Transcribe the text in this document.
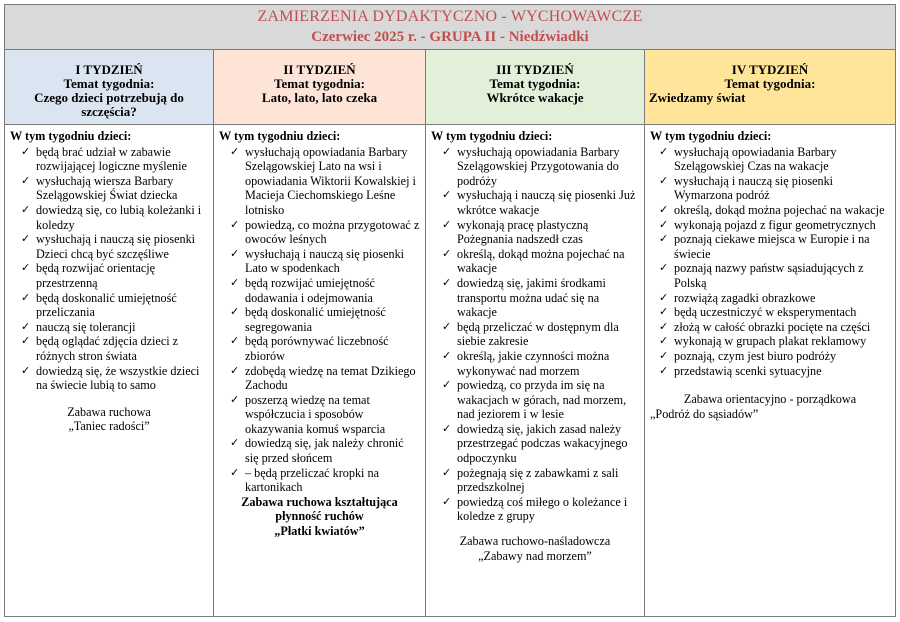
ZAMIERZENIA DYDAKTYCZNO - WYCHOWAWCZE
Czerwiec 2025 r. - GRUPA II - Niedźwiadki
I TYDZIEŃ
Temat tygodnia:
Czego dzieci potrzebują do szczęścia?
W tym tygodniu dzieci:
✓ będą brać udział w zabawie rozwijającej logiczne myślenie
✓ wysłuchają wiersza Barbary Szelągowskiej Świat dziecka
✓ dowiedzą się, co lubią koleżanki i koledzy
✓ wysłuchają i nauczą się piosenki Dzieci chcą być szczęśliwe
✓ będą rozwijać orientację przestrzenną
✓ będą doskonalić umiejętność przeliczania
✓ nauczą się tolerancji
✓ będą oglądać zdjęcia dzieci z różnych stron świata
✓ dowiedzą się, że wszystkie dzieci na świecie lubią to samo
Zabawa ruchowa
„Taniec radości”
II TYDZIEŃ
Temat tygodnia:
Lato, lato, lato czeka
W tym tygodniu dzieci:
✓ wysłuchają opowiadania Barbary Szelągowskiej Lato na wsi i opowiadania Wiktorii Kowalskiej i Macieja Ciechomskiego Leśne lotnisko
✓ powiedzą, co można przygotować z owoców leśnych
✓ wysłuchają i nauczą się piosenki Lato w spodenkach
✓ będą rozwijać umiejętność dodawania i odejmowania
✓ będą doskonalić umiejętność segregowania
✓ będą porównywać liczebność zbiorów
✓ zdobędą wiedzę na temat Dzikiego Zachodu
✓ poszerzą wiedzę na temat współczucia i sposobów okazywania komuś wsparcia
✓ dowiedzą się, jak należy chronić się przed słońcem
✓ – będą przeliczać kropki na kartonikach
Zabawa ruchowa kształtująca płynność ruchów
„Płatki kwiatów”
III TYDZIEŃ
Temat tygodnia:
Wkrótce wakacje
W tym tygodniu dzieci:
✓ wysłuchają opowiadania Barbary Szelągowskiej Przygotowania do podróży
✓ wysłuchają i nauczą się piosenki Już wkrótce wakacje
✓ wykonają pracę plastyczną Pożegnania nadszedł czas
✓ określą, dokąd można pojechać na wakacje
✓ dowiedzą się, jakimi środkami transportu można udać się na wakacje
✓ będą przeliczać w dostępnym dla siebie zakresie
✓ określą, jakie czynności można wykonywać nad morzem
✓ powiedzą, co przyda im się na wakacjach w górach, nad morzem, nad jeziorem i w lesie
✓ dowiedzą się, jakich zasad należy przestrzegać podczas wakacyjnego odpoczynku
✓ pożegnają się z zabawkami z sali przedszkolnej
✓ powiedzą coś miłego o koleżance i koledze z grupy
Zabawa ruchowo-naśladowcza
„Zabawy nad morzem”
IV TYDZIEŃ
Temat tygodnia:
Zwiedzamy świat
W tym tygodniu dzieci:
✓ wysłuchają opowiadania Barbary Szelągowskiej Czas na wakacje
✓ wysłuchają i nauczą się piosenki Wymarzona podróż
✓ określą, dokąd można pojechać na wakacje
✓ wykonają pojazd z figur geometrycznych
✓ poznają ciekawe miejsca w Europie i na świecie
✓ poznają nazwy państw sąsiadujących z Polską
✓ rozwiążą zagadki obrazkowe
✓ będą uczestniczyć w eksperymentach
✓ złożą w całość obrazki pocięte na części
✓ wykonają w grupach plakat reklamowy
✓ poznają, czym jest biuro podróży
✓ przedstawią scenki sytuacyjne
Zabawa orientacyjno - porządkowa
„Podróż do sąsiadów”
